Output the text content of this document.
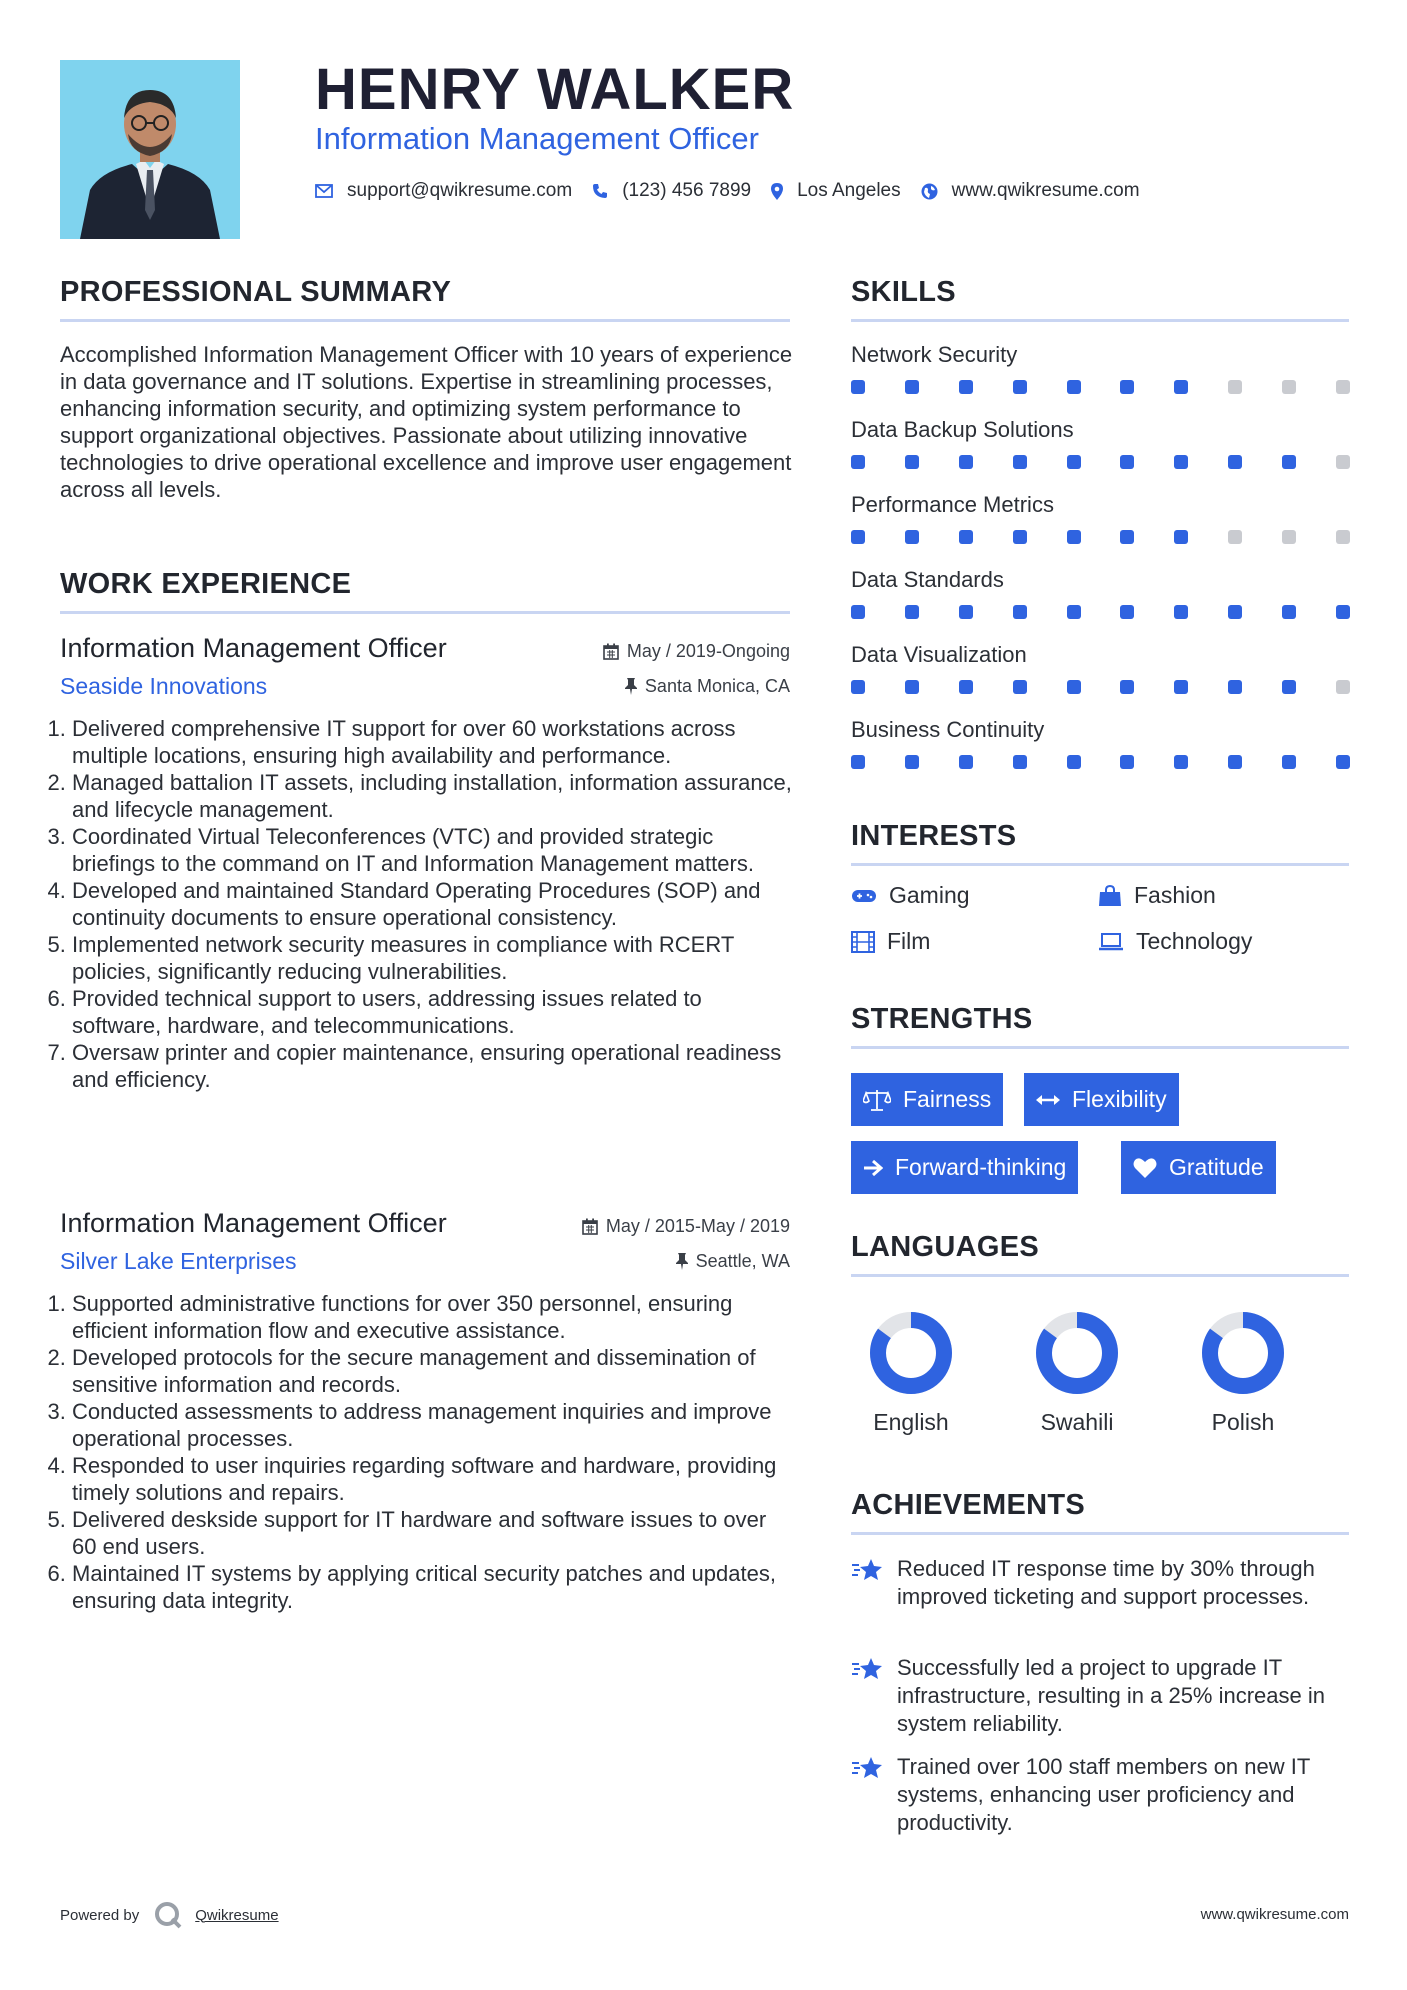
HENRY WALKER
Information Management Officer
support@qwikresume.com	(123) 456 7899 Los Angeles	www.qwikresume.com
PROFESSIONAL SUMMARY
Accomplished Information Management Officer with 10 years of experience in data governance and IT solutions. Expertise in streamlining processes, enhancing information security, and optimizing system performance to support organizational objectives. Passionate about utilizing innovative technologies to drive operational excellence and improve user engagement across all levels.
WORK EXPERIENCE
Information Management Officer	May / 2019-Ongoing
Seaside Innovations	Santa Monica, CA
1. Delivered comprehensive IT support for over 60 workstations across multiple locations, ensuring high availability and performance.
2. Managed battalion IT assets, including installation, information assurance, and lifecycle management.
3. Coordinated Virtual Teleconferences (VTC) and provided strategic briefings to the command on IT and Information Management matters.
4. Developed and maintained Standard Operating Procedures (SOP) and continuity documents to ensure operational consistency.
5. Implemented network security measures in compliance with RCERT policies, significantly reducing vulnerabilities.
6. Provided technical support to users, addressing issues related to software, hardware, and telecommunications.
7. Oversaw printer and copier maintenance, ensuring operational readiness and efficiency.
Information Management Officer	May / 2015-May / 2019
Silver Lake Enterprises	Seattle, WA
1. Supported administrative functions for over 350 personnel, ensuring efficient information flow and executive assistance.
2. Developed protocols for the secure management and dissemination of sensitive information and records.
3. Conducted assessments to address management inquiries and improve operational processes.
4. Responded to user inquiries regarding software and hardware, providing timely solutions and repairs.
5. Delivered deskside support for IT hardware and software issues to over 60 end users.
6. Maintained IT systems by applying critical security patches and updates, ensuring data integrity.
SKILLS
Network Security
Data Backup Solutions
Performance Metrics
Data Standards
Data Visualization
Business Continuity
INTERESTS
Gaming	Fashion
Film	Technology
STRENGTHS
Fairness	Flexibility
Forward-thinking	Gratitude
LANGUAGES
English	Swahili	Polish
ACHIEVEMENTS
Reduced IT response time by 30% through improved ticketing and support processes.
Successfully led a project to upgrade IT infrastructure, resulting in a 25% increase in system reliability.
Trained over 100 staff members on new IT systems, enhancing user proficiency and productivity.
Powered by	Qwikresume	www.qwikresume.com
